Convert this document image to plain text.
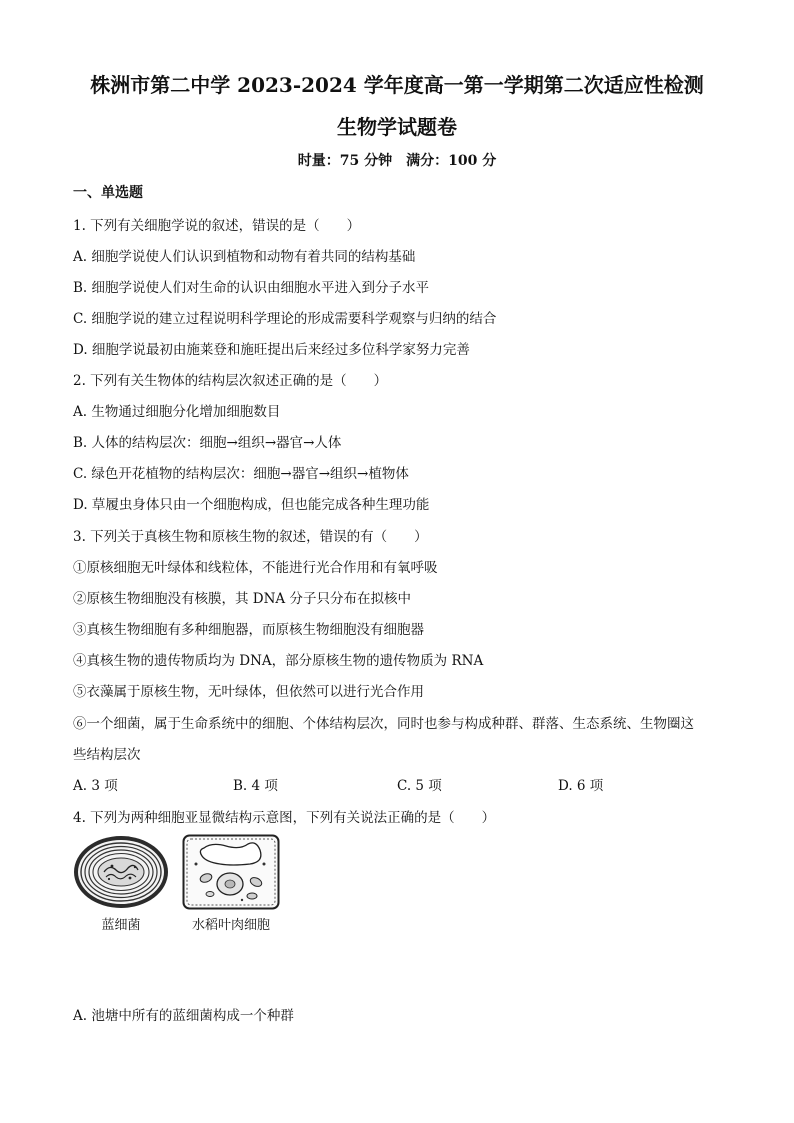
株洲市第二中学 2023-2024 学年度高一第一学期第二次适应性检测
生物学试题卷
时量：75 分钟 满分：100 分
一、单选题
1. 下列有关细胞学说的叙述，错误的是（　　）
A. 细胞学说使人们认识到植物和动物有着共同的结构基础
B. 细胞学说使人们对生命的认识由细胞水平进入到分子水平
C. 细胞学说的建立过程说明科学理论的形成需要科学观察与归纳的结合
D. 细胞学说最初由施莱登和施旺提出后来经过多位科学家努力完善
2. 下列有关生物体的结构层次叙述正确的是（　　）
A. 生物通过细胞分化增加细胞数目
B. 人体的结构层次：细胞→组织→器官→人体
C. 绿色开花植物的结构层次：细胞→器官→组织→植物体
D. 草履虫身体只由一个细胞构成，但也能完成各种生理功能
3. 下列关于真核生物和原核生物的叙述，错误的有（　　）
①原核细胞无叶绿体和线粒体，不能进行光合作用和有氧呼吸
②原核生物细胞没有核膜，其 DNA 分子只分布在拟核中
③真核生物细胞有多种细胞器，而原核生物细胞没有细胞器
④真核生物的遗传物质均为 DNA，部分原核生物的遗传物质为 RNA
⑤衣藻属于原核生物，无叶绿体，但依然可以进行光合作用
⑥一个细菌，属于生命系统中的细胞、个体结构层次，同时也参与构成种群、群落、生态系统、生物圈这
些结构层次
A. 3 项	B. 4 项	C. 5 项	D. 6 项
4. 下列为两种细胞亚显微结构示意图，下列有关说法正确的是（　　）
蓝细菌	水稻叶肉细胞
A. 池塘中所有的蓝细菌构成一个种群
